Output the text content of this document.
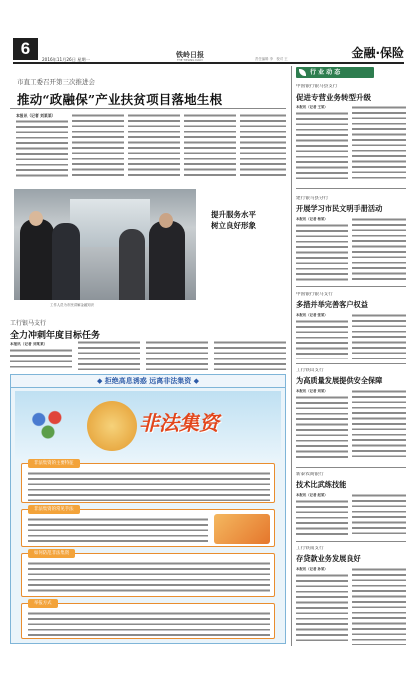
6
2016年11月26日 星期一
铁岭日报
THE TIELING DAILY	责任编辑 李　校对 王	金融·保险
市直工委召开第三次推进会
推动“政融保”产业扶贫项目落地生根
本报讯（记者 刘某某）
提升服务水平
树立良好形象
工作人员为市民讲解金融知识
工行银马支行
全力冲刺年度目标任务
本报讯（记者 刘某某）
◆ 拒绝高息诱惑 远离非法集资 ◆
非法集资
非法集资的主要特征
非法集资的常见手法
如何防范非法集资
举报方式
行 业 动 态
中国银行银马县支行
促进专营业务转型升级
本报讯（记者 王某）
建行银马县分行
开展学习市民文明手册活动
本报讯（记者 杨某）
中国银行银马支行
多措并举完善客户权益
本报讯（记者 张某）
工行铁山支行
为高质量发展提供安全保障
本报讯（记者 刘某）
新泰农商银行
技术比武练技能
本报讯（记者 赵某）
工行铁南支行
存贷款业务发展良好
本报讯（记者 孙某）
